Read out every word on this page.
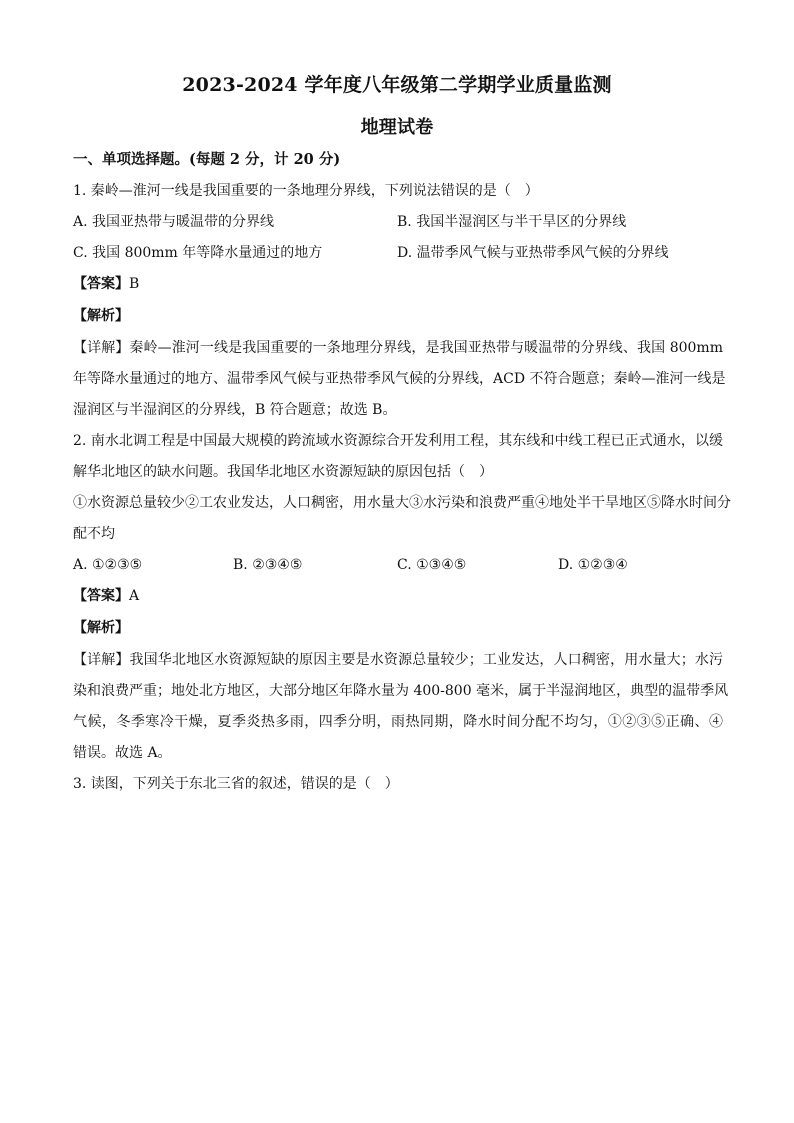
2023-2024 学年度八年级第二学期学业质量监测
地理试卷
一、单项选择题。(每题 2 分，计 20 分)
1. 秦岭—淮河一线是我国重要的一条地理分界线，下列说法错误的是（　）
A. 我国亚热带与暖温带的分界线	B. 我国半湿润区与半干旱区的分界线
C. 我国 800mm 年等降水量通过的地方	D. 温带季风气候与亚热带季风气候的分界线
【答案】B
【解析】
【详解】秦岭—淮河一线是我国重要的一条地理分界线，是我国亚热带与暖温带的分界线、我国 800mm
年等降水量通过的地方、温带季风气候与亚热带季风气候的分界线，ACD 不符合题意；秦岭—淮河一线是
湿润区与半湿润区的分界线，B 符合题意；故选 B。
2. 南水北调工程是中国最大规模的跨流域水资源综合开发利用工程，其东线和中线工程已正式通水，以缓
解华北地区的缺水问题。我国华北地区水资源短缺的原因包括（　）
①水资源总量较少②工农业发达，人口稠密，用水量大③水污染和浪费严重④地处半干旱地区⑤降水时间分
配不均
A. ①②③⑤	B. ②③④⑤	C. ①③④⑤	D. ①②③④
【答案】A
【解析】
【详解】我国华北地区水资源短缺的原因主要是水资源总量较少；工业发达，人口稠密，用水量大；水污
染和浪费严重；地处北方地区，大部分地区年降水量为 400-800 毫米，属于半湿润地区，典型的温带季风
气候，冬季寒冷干燥，夏季炎热多雨，四季分明，雨热同期，降水时间分配不均匀，①②③⑤正确、④
错误。故选 A。
3. 读图，下列关于东北三省的叙述，错误的是（　）
